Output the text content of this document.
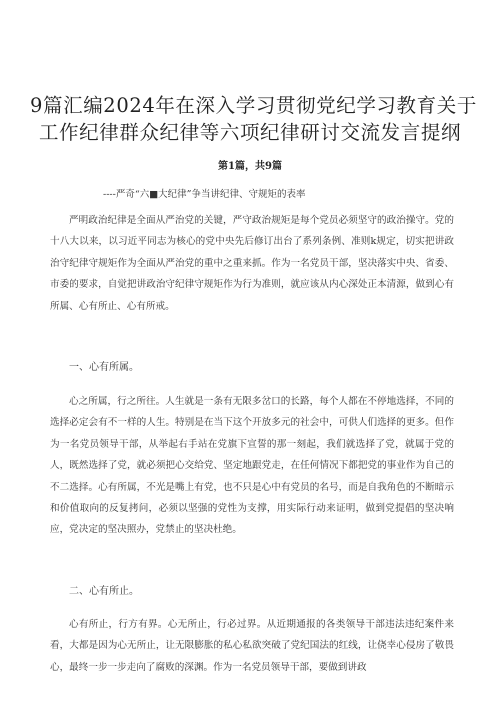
9篇汇编2024年在深入学习贯彻党纪学习教育关于
工作纪律群众纪律等六项纪律研讨交流发言提纲
第1篇，共9篇
----严奇“六■大纪律”争当讲纪律、守规矩的表率
严明政治纪律是全面从严治党的关键，严守政治规矩是每个党员必须坚守的政治操守。党的十八大以来，以习近平同志为核心的党中央先后修订出台了系列条例、准则k规定，切实把讲政治守纪律守规矩作为全面从严治党的重中之重来抓。作为一名党员干部，坚决落实中央、省委、市委的要求，自觉把讲政治守纪律守规矩作为行为准则，就应该从内心深处正本清源，做到心有所属、心有所止、心有所戒。
一、心有所属。
心之所属，行之所往。人生就是一条有无限多岔口的长路，每个人都在不停地选择，不同的选择必定会有不一样的人生。特别是在当下这个开放多元的社会中，可供人们选择的更多。但作为一名党员领导干部，从举起右手站在党旗下宣誓的那一刻起，我们就选择了党，就属于党的人，既然选择了党，就必须把心交给党、坚定地跟党走，在任何情况下都把党的事业作为自己的不二选择。心有所属，不光是嘴上有党，也不只是心中有党员的名号，而是自我角色的不断暗示和价值取向的反复拷问，必须以坚强的党性为支撑，用实际行动来证明，做到党提倡的坚决响应，党决定的坚决照办，党禁止的坚决杜绝。
二、心有所止。
心有所止，行方有界。心无所止，行必过界。从近期通报的各类领导干部违法违纪案件来看，大都是因为心无所止，让无限膨胀的私心私欲突破了党纪国法的红线，让侥幸心侵房了敬畏心，最终一步一步走向了腐败的深渊。作为一名党员领导干部，要做到讲政
